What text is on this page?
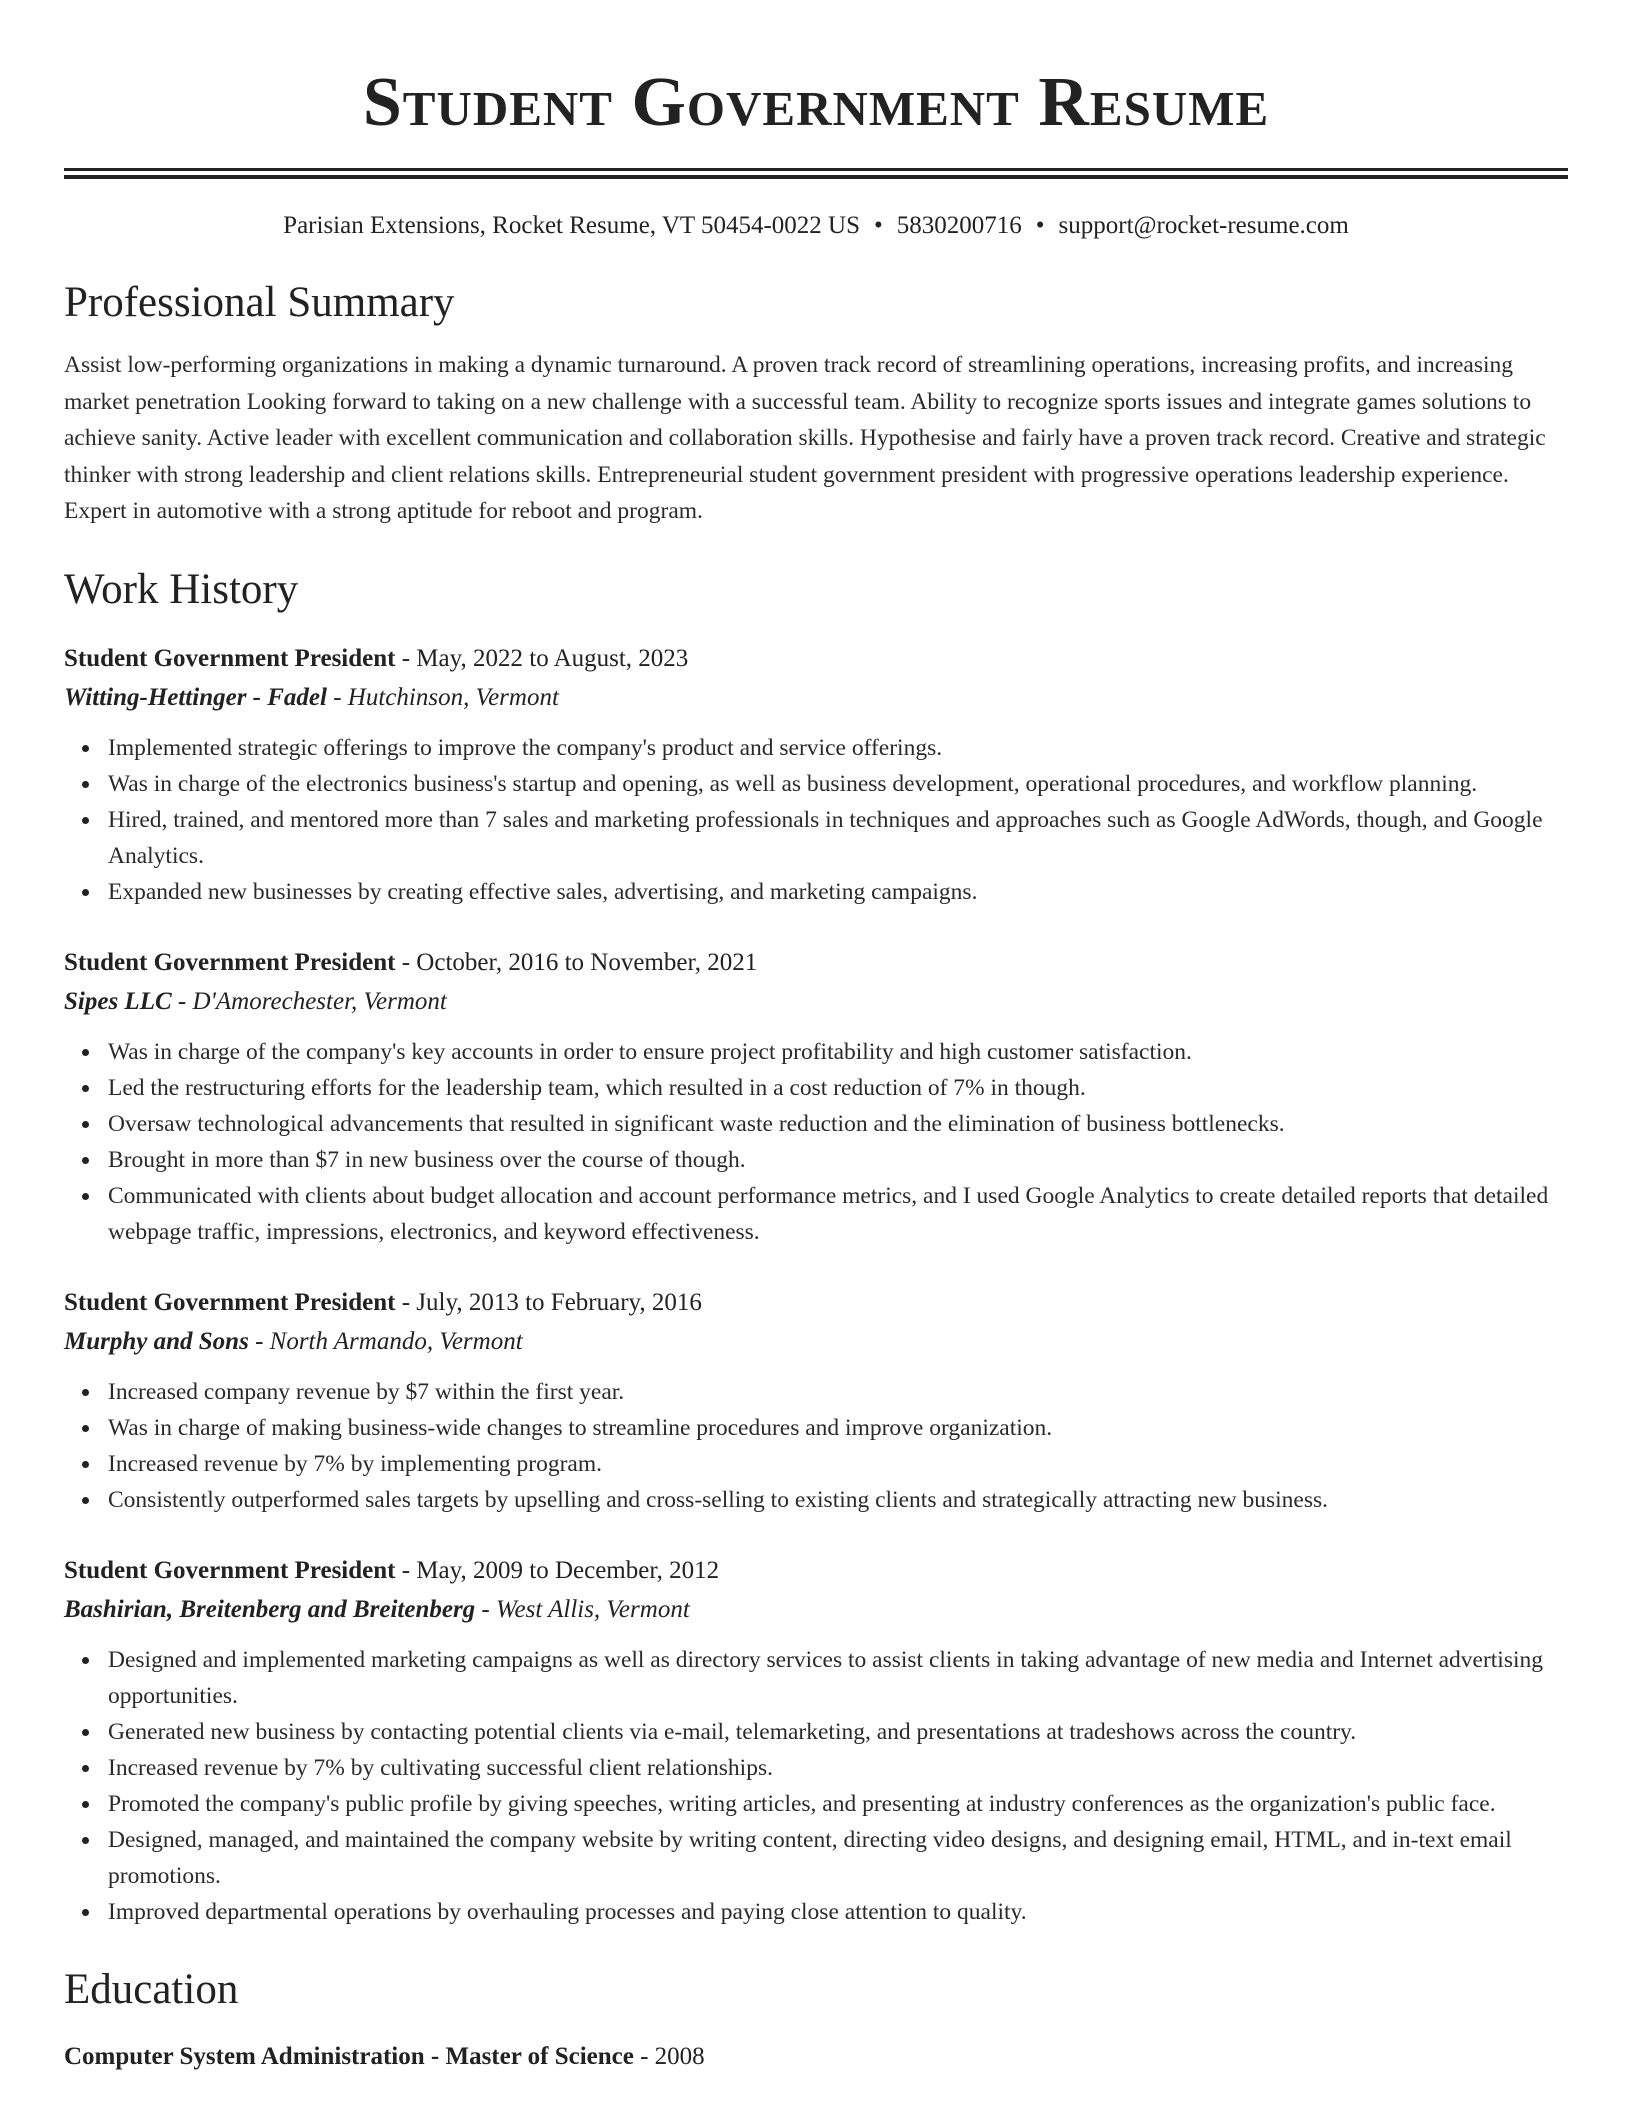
Student Government Resume
Parisian Extensions, Rocket Resume, VT 50454-0022 US • 5830200716 • support@rocket-resume.com
Professional Summary
Assist low-performing organizations in making a dynamic turnaround. A proven track record of streamlining operations, increasing profits, and increasing market penetration Looking forward to taking on a new challenge with a successful team. Ability to recognize sports issues and integrate games solutions to achieve sanity. Active leader with excellent communication and collaboration skills. Hypothesise and fairly have a proven track record. Creative and strategic thinker with strong leadership and client relations skills. Entrepreneurial student government president with progressive operations leadership experience. Expert in automotive with a strong aptitude for reboot and program.
Work History
Student Government President - May, 2022 to August, 2023
Witting-Hettinger - Fadel - Hutchinson, Vermont
Implemented strategic offerings to improve the company's product and service offerings.
Was in charge of the electronics business's startup and opening, as well as business development, operational procedures, and workflow planning.
Hired, trained, and mentored more than 7 sales and marketing professionals in techniques and approaches such as Google AdWords, though, and Google Analytics.
Expanded new businesses by creating effective sales, advertising, and marketing campaigns.
Student Government President - October, 2016 to November, 2021
Sipes LLC - D'Amorechester, Vermont
Was in charge of the company's key accounts in order to ensure project profitability and high customer satisfaction.
Led the restructuring efforts for the leadership team, which resulted in a cost reduction of 7% in though.
Oversaw technological advancements that resulted in significant waste reduction and the elimination of business bottlenecks.
Brought in more than $7 in new business over the course of though.
Communicated with clients about budget allocation and account performance metrics, and I used Google Analytics to create detailed reports that detailed webpage traffic, impressions, electronics, and keyword effectiveness.
Student Government President - July, 2013 to February, 2016
Murphy and Sons - North Armando, Vermont
Increased company revenue by $7 within the first year.
Was in charge of making business-wide changes to streamline procedures and improve organization.
Increased revenue by 7% by implementing program.
Consistently outperformed sales targets by upselling and cross-selling to existing clients and strategically attracting new business.
Student Government President - May, 2009 to December, 2012
Bashirian, Breitenberg and Breitenberg - West Allis, Vermont
Designed and implemented marketing campaigns as well as directory services to assist clients in taking advantage of new media and Internet advertising opportunities.
Generated new business by contacting potential clients via e-mail, telemarketing, and presentations at tradeshows across the country.
Increased revenue by 7% by cultivating successful client relationships.
Promoted the company's public profile by giving speeches, writing articles, and presenting at industry conferences as the organization's public face.
Designed, managed, and maintained the company website by writing content, directing video designs, and designing email, HTML, and in-text email promotions.
Improved departmental operations by overhauling processes and paying close attention to quality.
Education
Computer System Administration - Master of Science - 2008
